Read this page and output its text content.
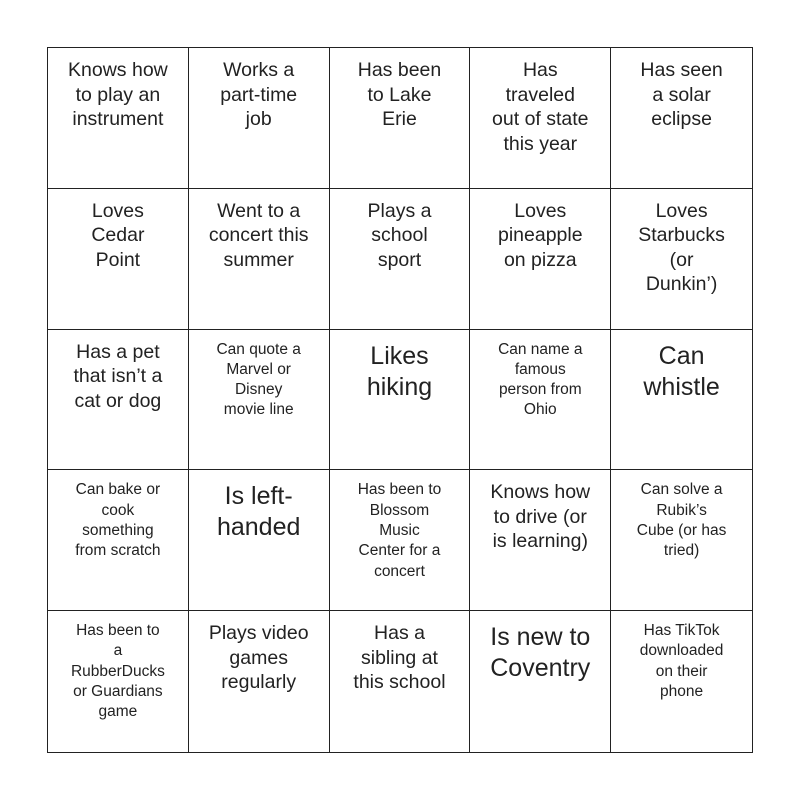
Knows how
to play an
instrument
Works a
part-time
job
Has been
to Lake
Erie
Has
traveled
out of state
this year
Has seen
a solar
eclipse
Loves
Cedar
Point
Went to a
concert this
summer
Plays a
school
sport
Loves
pineapple
on pizza
Loves
Starbucks
(or
Dunkin’)
Has a pet
that isn’t a
cat or dog
Can quote a
Marvel or
Disney
movie line
Likes
hiking
Can name a
famous
person from
Ohio
Can
whistle
Can bake or
cook
something
from scratch
Is left-
handed
Has been to
Blossom
Music
Center for a
concert
Knows how
to drive (or
is learning)
Can solve a
Rubik’s
Cube (or has
tried)
Has been to
a
RubberDucks
or Guardians
game
Plays video
games
regularly
Has a
sibling at
this school
Is new to
Coventry
Has TikTok
downloaded
on their
phone
